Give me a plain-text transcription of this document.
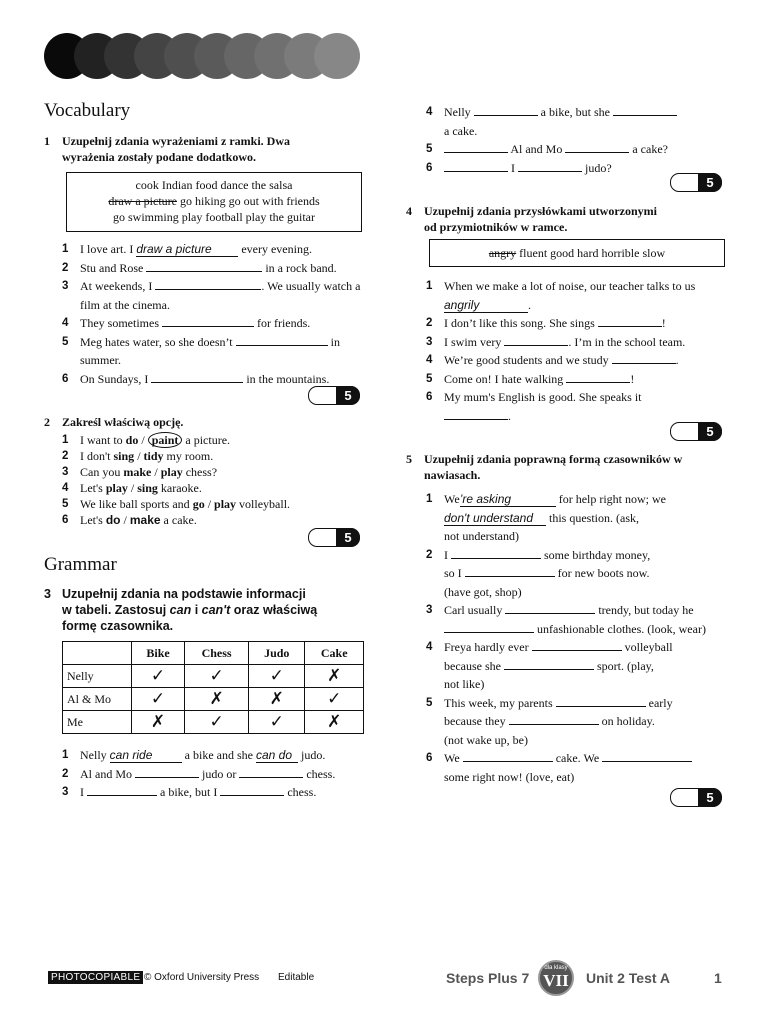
Vocabulary
1 Uzupełnij zdania wyrażeniami z ramki. Dwa
wyrażenia zostały podane dodatkowo.
cook Indian food dance the salsa
draw a picture go hiking go out with friends
go swimming play football play the guitar
1 I love art. I draw a picture every evening.
2 Stu and Rose	in a rock band.
3 At weekends, I	. We usually watch a
film at the cinema.
4 They sometimes	for friends.
5 Meg hates water, so she doesn’t	in
summer.
6 On Sundays, I	in the mountains.
5
2 Zakreśl właściwą opcję.
1 I want to do / paint a picture.
2 I don't sing / tidy my room.
3 Can you make / play chess?
4 Let's play / sing karaoke.
5 We like ball sports and go / play volleyball.
6 Let's do / make a cake.
5
Grammar
3 Uzupełnij zdania na podstawie informacji
w tabeli. Zastosuj can i can't oraz właściwą
formę czasownika.
	Bike	Chess	Judo	Cake
Nelly	✓	✓	✓	✗
Al & Mo	✓	✗	✗	✓
Me	✗	✓	✓	✗
1 Nelly can ride a bike and she can do judo.
2 Al and Mo	judo or	chess.
3 I	a bike, but I	chess.
4 Nelly	a bike, but she
a cake.
5	Al and Mo	a cake?
6	I	judo?
5
4 Uzupełnij zdania przysłówkami utworzonymi
od przymiotników w ramce.
angry fluent good hard horrible slow
1 When we make a lot of noise, our teacher talks to us
angrily	.
2 I don’t like this song. She sings	!
3 I swim very	. I’m in the school team.
4 We’re good students and we study	.
5 Come on! I hate walking	!
6 My mum's English is good. She speaks it
.
5
5 Uzupełnij zdania poprawną formą czasowników w
nawiasach.
1 We’re asking	for help right now; we
don't understand this question. (ask,
not understand)
2 I	some birthday money,
so I	for new boots now.
(have got, shop)
3 Carl usually	trendy, but today he
unfashionable clothes. (look, wear)
4 Freya hardly ever	volleyball
because she	sport. (play,
not like)
5 This week, my parents	early
because they	on holiday.
(not wake up, be)
6 We	cake. We
some right now! (love, eat)
5
PHOTOCOPIABLE © Oxford University Press Editable	Steps Plus 7
dla klasy
VII Unit 2 Test A	1
